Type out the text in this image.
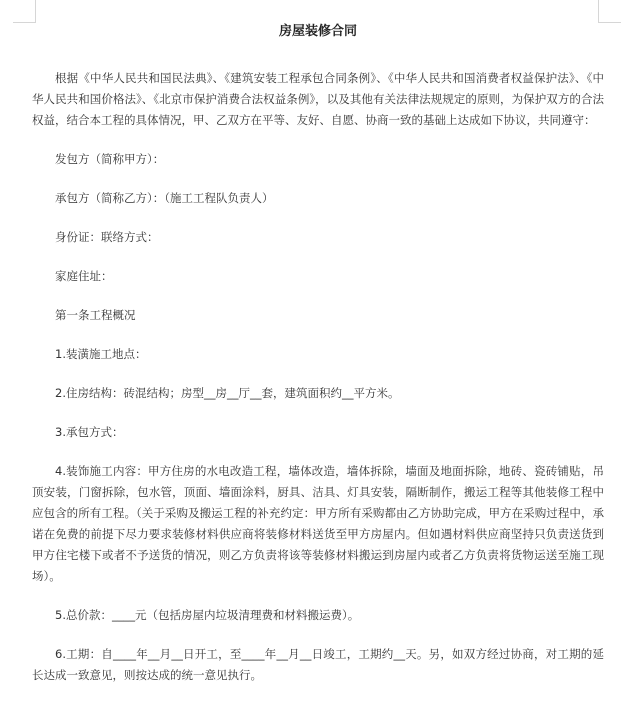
房屋装修合同

根据《中华人民共和国民法典》、《建筑安装工程承包合同条例》、《中华人民共和国消费者权益保护法》、《中华人民共和国价格法》、《北京市保护消费合法权益条例》，以及其他有关法律法规规定的原则，为保护双方的合法权益，结合本工程的具体情况，甲、乙双方在平等、友好、自愿、协商一致的基础上达成如下协议，共同遵守：

发包方（简称甲方）：

承包方（简称乙方）：（施工工程队负责人）

身份证：联络方式：

家庭住址：

第一条工程概况

1.装潢施工地点：

2.住房结构：砖混结构；房型__房__厅__套，建筑面积约__平方米。

3.承包方式：

4.装饰施工内容：甲方住房的水电改造工程，墙体改造，墙体拆除，墙面及地面拆除，地砖、瓷砖铺贴，吊顶安装，门窗拆除，包水管，顶面、墙面涂料，厨具、洁具、灯具安装，隔断制作，搬运工程等其他装修工程中应包含的所有工程。（关于采购及搬运工程的补充约定：甲方所有采购都由乙方协助完成，甲方在采购过程中，承诺在免费的前提下尽力要求装修材料供应商将装修材料送货至甲方房屋内。但如遇材料供应商坚持只负责送货到甲方住宅楼下或者不予送货的情况，则乙方负责将该等装修材料搬运到房屋内或者乙方负责将货物运送至施工现场）。

5.总价款：____元（包括房屋内垃圾清理费和材料搬运费）。

6.工期：自____年__月__日开工，至____年__月__日竣工，工期约__天。另，如双方经过协商，对工期的延长达成一致意见，则按达成的统一意见执行。
